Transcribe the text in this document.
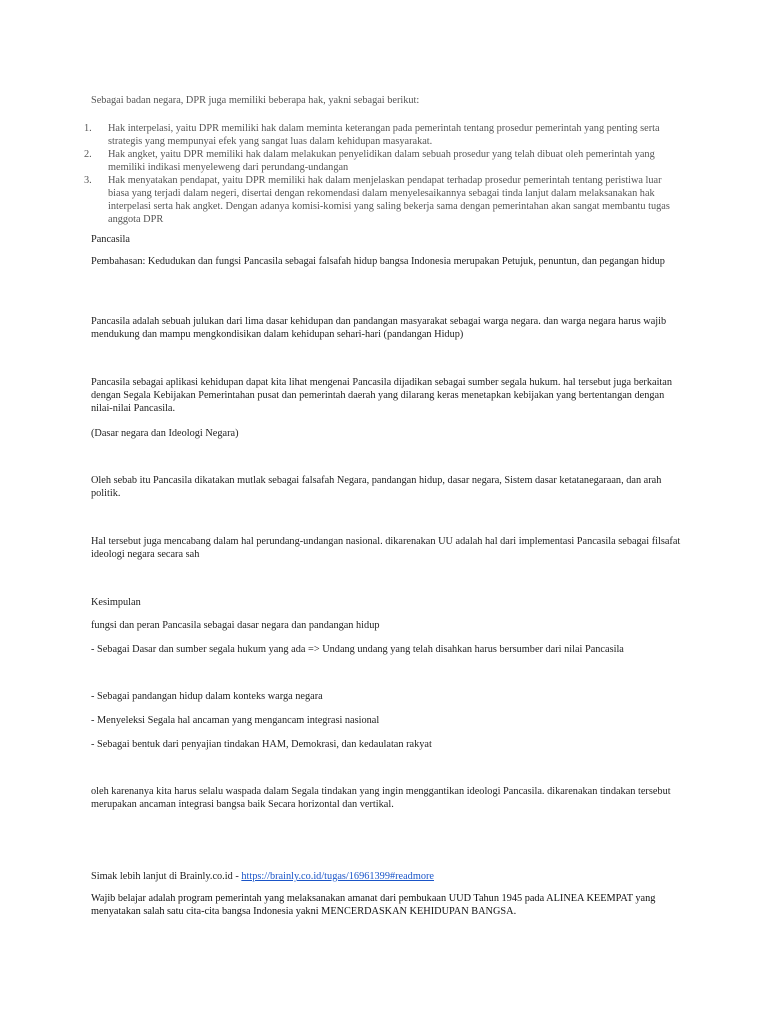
Sebagai badan negara, DPR juga memiliki beberapa hak, yakni sebagai berikut:

1.	Hak interpelasi, yaitu DPR memiliki hak dalam meminta keterangan pada pemerintah tentang prosedur pemerintah yang penting serta strategis yang mempunyai efek yang sangat luas dalam kehidupan masyarakat.
2.	Hak angket, yaitu DPR memiliki hak dalam melakukan penyelidikan dalam sebuah prosedur yang telah dibuat oleh pemerintah yang memiliki indikasi menyeleweng dari perundang-undangan
3.	Hak menyatakan pendapat, yaitu DPR memiliki hak dalam menjelaskan pendapat terhadap prosedur pemerintah tentang peristiwa luar biasa yang terjadi dalam negeri, disertai dengan rekomendasi dalam menyelesaikannya sebagai tinda lanjut dalam melaksanakan hak interpelasi serta hak angket. Dengan adanya komisi-komisi yang saling bekerja sama dengan pemerintahan akan sangat membantu tugas anggota DPR

Pancasila

Pembahasan: Kedudukan dan fungsi Pancasila sebagai falsafah hidup bangsa Indonesia merupakan Petujuk, penuntun, dan pegangan hidup

Pancasila adalah sebuah julukan dari lima dasar kehidupan dan pandangan masyarakat sebagai warga negara. dan warga negara harus wajib mendukung dan mampu mengkondisikan dalam kehidupan sehari-hari (pandangan Hidup)

Pancasila sebagai aplikasi kehidupan dapat kita lihat mengenai Pancasila dijadikan sebagai sumber segala hukum. hal tersebut juga berkaitan dengan Segala Kebijakan Pemerintahan pusat dan pemerintah daerah yang dilarang keras menetapkan kebijakan yang bertentangan dengan nilai-nilai Pancasila.

(Dasar negara dan Ideologi Negara)

Oleh sebab itu Pancasila dikatakan mutlak sebagai falsafah Negara, pandangan hidup, dasar negara, Sistem dasar ketatanegaraan, dan arah politik.

Hal tersebut juga mencabang dalam hal perundang-undangan nasional. dikarenakan UU adalah hal dari implementasi Pancasila sebagai filsafat ideologi negara secara sah

Kesimpulan

fungsi dan peran Pancasila sebagai dasar negara dan pandangan hidup

- Sebagai Dasar dan sumber segala hukum yang ada => Undang undang yang telah disahkan harus bersumber dari nilai Pancasila

- Sebagai pandangan hidup dalam konteks warga negara

- Menyeleksi Segala hal ancaman yang mengancam integrasi nasional

- Sebagai bentuk dari penyajian tindakan HAM, Demokrasi, dan kedaulatan rakyat

oleh karenanya kita harus selalu waspada dalam Segala tindakan yang ingin menggantikan ideologi Pancasila. dikarenakan tindakan tersebut merupakan ancaman integrasi bangsa baik Secara horizontal dan vertikal.

Simak lebih lanjut di Brainly.co.id - https://brainly.co.id/tugas/16961399#readmore

Wajib belajar adalah program pemerintah yang melaksanakan amanat dari pembukaan UUD Tahun 1945 pada ALINEA KEEMPAT yang menyatakan salah satu cita-cita bangsa Indonesia yakni MENCERDASKAN KEHIDUPAN BANGSA.
